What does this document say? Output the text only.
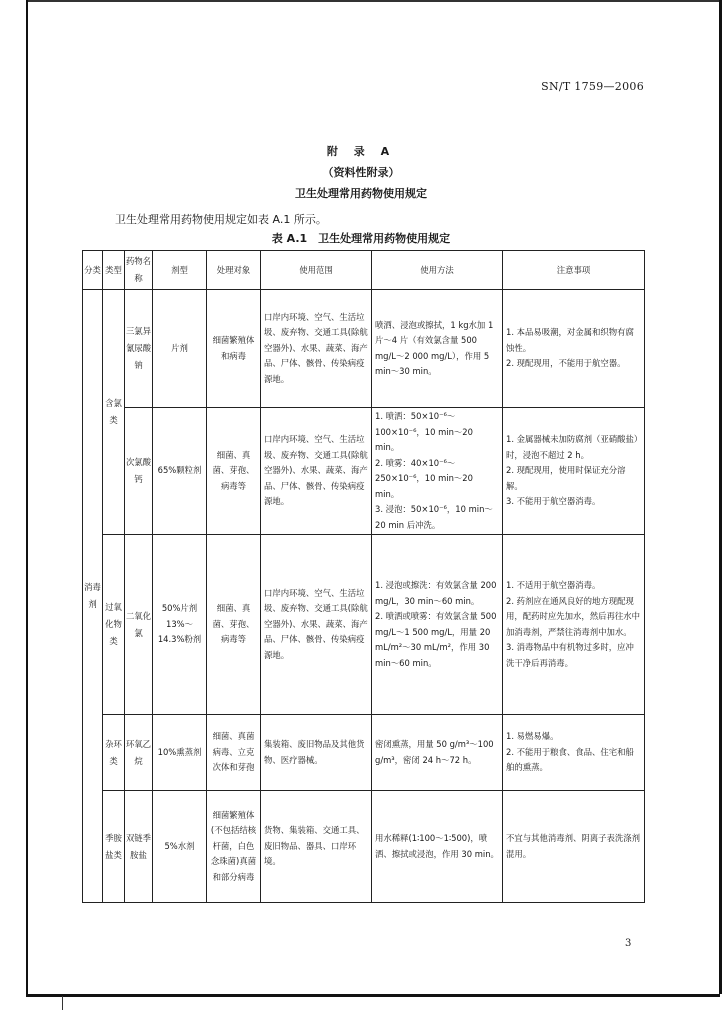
SN/T 1759—2006
附 录 A
（资料性附录）
卫生处理常用药物使用规定
卫生处理常用药物使用规定如表 A.1 所示。
表 A.1　卫生处理常用药物使用规定
分类	类型	药物名称	剂型	处理对象	使用范围	使用方法	注意事项
消毒剂	含氯类	三氯异氰尿酸钠	片剂	细菌繁殖体和病毒	口岸内环境、空气、生活垃圾、废弃物、交通工具(除航空器外)、水果、蔬菜、海产品、尸体、骸骨、传染病疫源地。	喷洒、浸泡或擦拭，1 kg水加 1 片～4 片（有效氯含量 500 mg/L～2 000 mg/L），作用 5 min～30 min。	1. 本品易吸潮，对金属和织物有腐蚀性。
2. 现配现用，不能用于航空器。
		次氯酸钙	65%颗粒剂	细菌、真菌、芽孢、病毒等	口岸内环境、空气、生活垃圾、废弃物、交通工具(除航空器外)、水果、蔬菜、海产品、尸体、骸骨、传染病疫源地。	1. 喷洒：50×10⁻⁶～100×10⁻⁶，10 min～20 min。
2. 喷雾：40×10⁻⁶～250×10⁻⁶，10 min～20 min。
3. 浸泡：50×10⁻⁶，10 min～20 min 后冲洗。	1. 金属器械未加防腐剂（亚硝酸盐）时，浸泡不超过 2 h。
2. 现配现用，使用时保证充分溶解。
3. 不能用于航空器消毒。
	过氧化物类	二氧化氯	50%片剂 13%～14.3%粉剂	细菌、真菌、芽孢、病毒等	口岸内环境、空气、生活垃圾、废弃物、交通工具(除航空器外)、水果、蔬菜、海产品、尸体、骸骨、传染病疫源地。	1. 浸泡或擦洗：有效氯含量 200 mg/L，30 min～60 min。
2. 喷洒或喷雾：有效氯含量 500 mg/L～1 500 mg/L，用量 20 mL/m²～30 mL/m²，作用 30 min～60 min。	1. 不适用于航空器消毒。
2. 药剂应在通风良好的地方现配现用，配药时应先加水，然后再往水中加消毒剂，严禁往消毒剂中加水。
3. 消毒物品中有机物过多时，应冲洗干净后再消毒。
	杂环类	环氧乙烷	10%熏蒸剂	细菌、真菌病毒、立克次体和芽孢	集装箱、废旧物品及其他货物、医疗器械。	密闭熏蒸，用量 50 g/m³～100 g/m³，密闭 24 h～72 h。	1. 易燃易爆。
2. 不能用于粮食、食品、住宅和船舶的熏蒸。
	季胺盐类	双链季胺盐	5%水剂	细菌繁殖体(不包括结核杆菌，白色念珠菌)真菌和部分病毒	货物、集装箱、交通工具、废旧物品、器具、口岸环境。	用水稀释(1∶100～1∶500)，喷洒、擦拭或浸泡，作用 30 min。	不宜与其他消毒剂、阴离子表洗涤剂混用。
3
